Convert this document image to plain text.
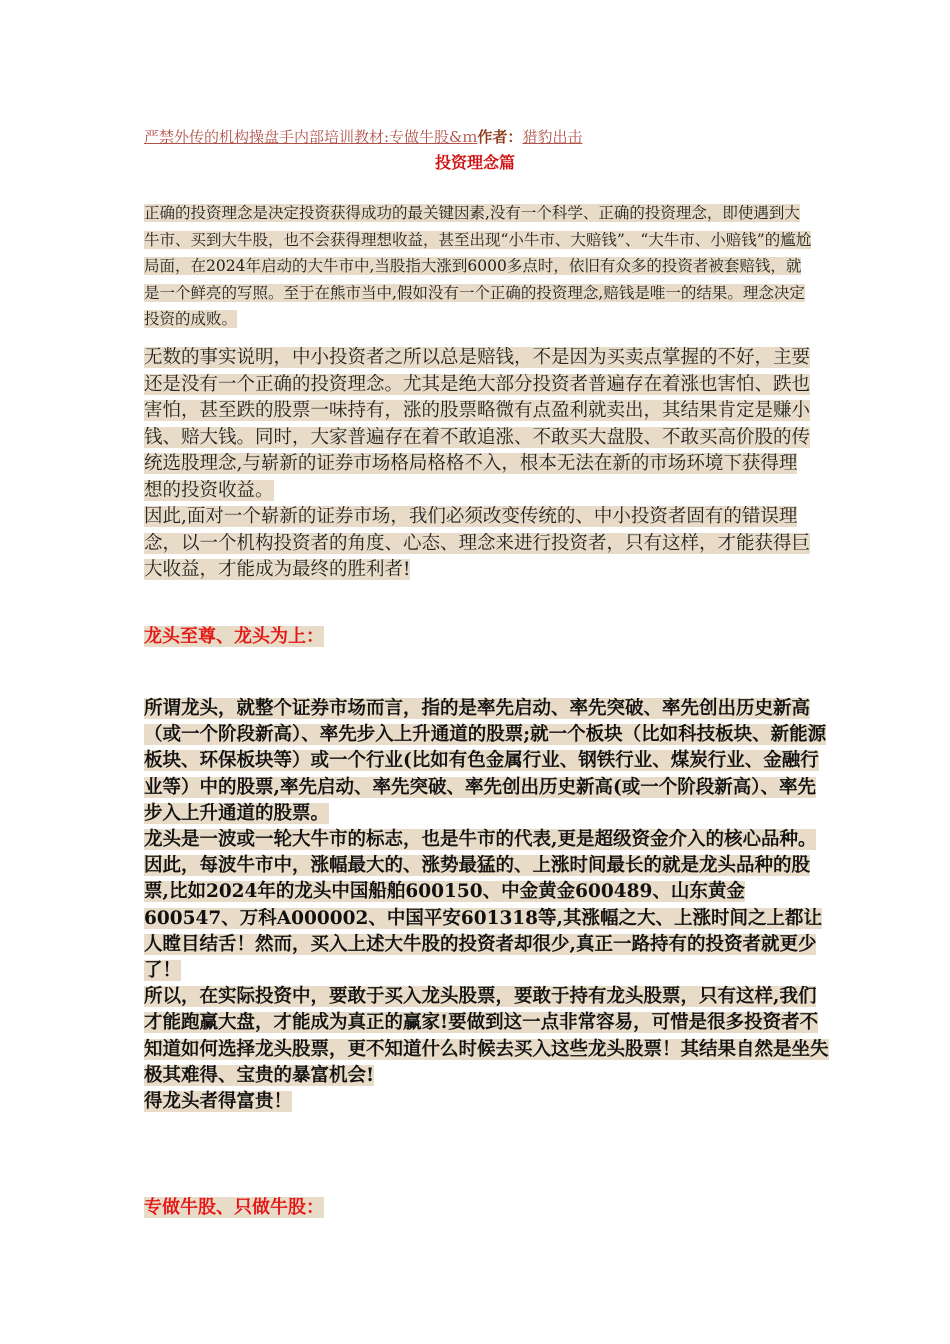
严禁外传的机构操盘手内部培训教材:专做牛股&ｍ作者：猎豹出击
投资理念篇
正确的投资理念是决定投资获得成功的最关键因素,没有一个科学、正确的投资理念，即使遇到大牛市、买到大牛股，也不会获得理想收益，甚至出现“小牛市、大赔钱”、“大牛市、小赔钱”的尴尬局面，在2024年启动的大牛市中,当股指大涨到6000多点时，依旧有众多的投资者被套赔钱，就是一个鲜亮的写照。至于在熊市当中,假如没有一个正确的投资理念,赔钱是唯一的结果。理念决定投资的成败。

无数的事实说明，中小投资者之所以总是赔钱，不是因为买卖点掌握的不好，主要还是没有一个正确的投资理念。尤其是绝大部分投资者普遍存在着涨也害怕、跌也害怕，甚至跌的股票一味持有，涨的股票略微有点盈利就卖出，其结果肯定是赚小钱、赔大钱。同时，大家普遍存在着不敢追涨、不敢买大盘股、不敢买高价股的传统选股理念,与崭新的证券市场格局格格不入，根本无法在新的市场环境下获得理想的投资收益。

因此,面对一个崭新的证券市场，我们必须改变传统的、中小投资者固有的错误理念，以一个机构投资者的角度、心态、理念来进行投资者，只有这样，才能获得巨大收益，才能成为最终的胜利者!

龙头至尊、龙头为上：

所谓龙头，就整个证券市场而言，指的是率先启动、率先突破、率先创出历史新高（或一个阶段新高）、率先步入上升通道的股票;就一个板块（比如科技板块、新能源板块、环保板块等）或一个行业(比如有色金属行业、钢铁行业、煤炭行业、金融行业等）中的股票,率先启动、率先突破、率先创出历史新高(或一个阶段新高）、率先步入上升通道的股票。

龙头是一波或一轮大牛市的标志，也是牛市的代表,更是超级资金介入的核心品种。因此，每波牛市中，涨幅最大的、涨势最猛的、上涨时间最长的就是龙头品种的股票,比如2024年的龙头中国船舶600150、中金黄金600489、山东黄金600547、万科A000002、中国平安601318等,其涨幅之大、上涨时间之上都让人瞠目结舌！然而，买入上述大牛股的投资者却很少,真正一路持有的投资者就更少了！

所以，在实际投资中，要敢于买入龙头股票，要敢于持有龙头股票，只有这样,我们才能跑赢大盘，才能成为真正的赢家!要做到这一点非常容易，可惜是很多投资者不知道如何选择龙头股票，更不知道什么时候去买入这些龙头股票！其结果自然是坐失极其难得、宝贵的暴富机会!

得龙头者得富贵！

专做牛股、只做牛股：
